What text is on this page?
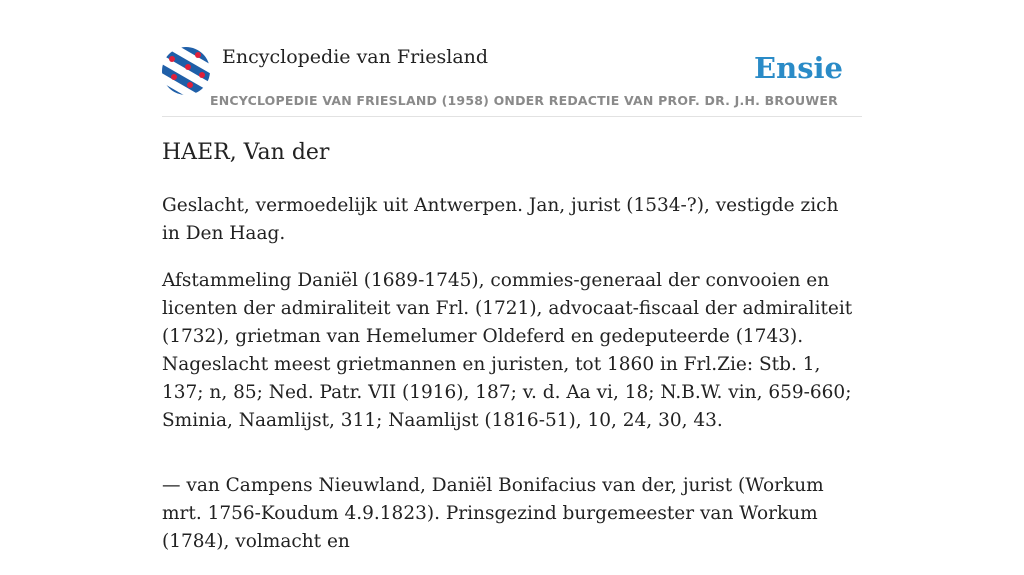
Encyclopedie van Friesland
ENCYCLOPEDIE VAN FRIESLAND (1958) ONDER REDACTIE VAN PROF. DR. J.H. BROUWER
Ensie
HAER, Van der

Geslacht, vermoedelijk uit Antwerpen. Jan, jurist (1534-?), vestigde zich in Den Haag.

Afstammeling Daniël (1689-1745), commies-generaal der convooien en licenten der admiraliteit van Frl. (1721), advocaat-fiscaal der admiraliteit (1732), grietman van Hemelumer Oldeferd en gedeputeerde (1743). Nageslacht meest grietmannen en juristen, tot 1860 in Frl.Zie: Stb. 1, 137; n, 85; Ned. Patr. VII (1916), 187; v. d. Aa vi, 18; N.B.W. vin, 659-660; Sminia, Naamlijst, 311; Naamlijst (1816-51), 10, 24, 30, 43.

— van Campens Nieuwland, Daniël Bonifacius van der, jurist (Workum mrt. 1756-Koudum 4.9.1823). Prinsgezind burgemeester van Workum (1784), volmacht en
